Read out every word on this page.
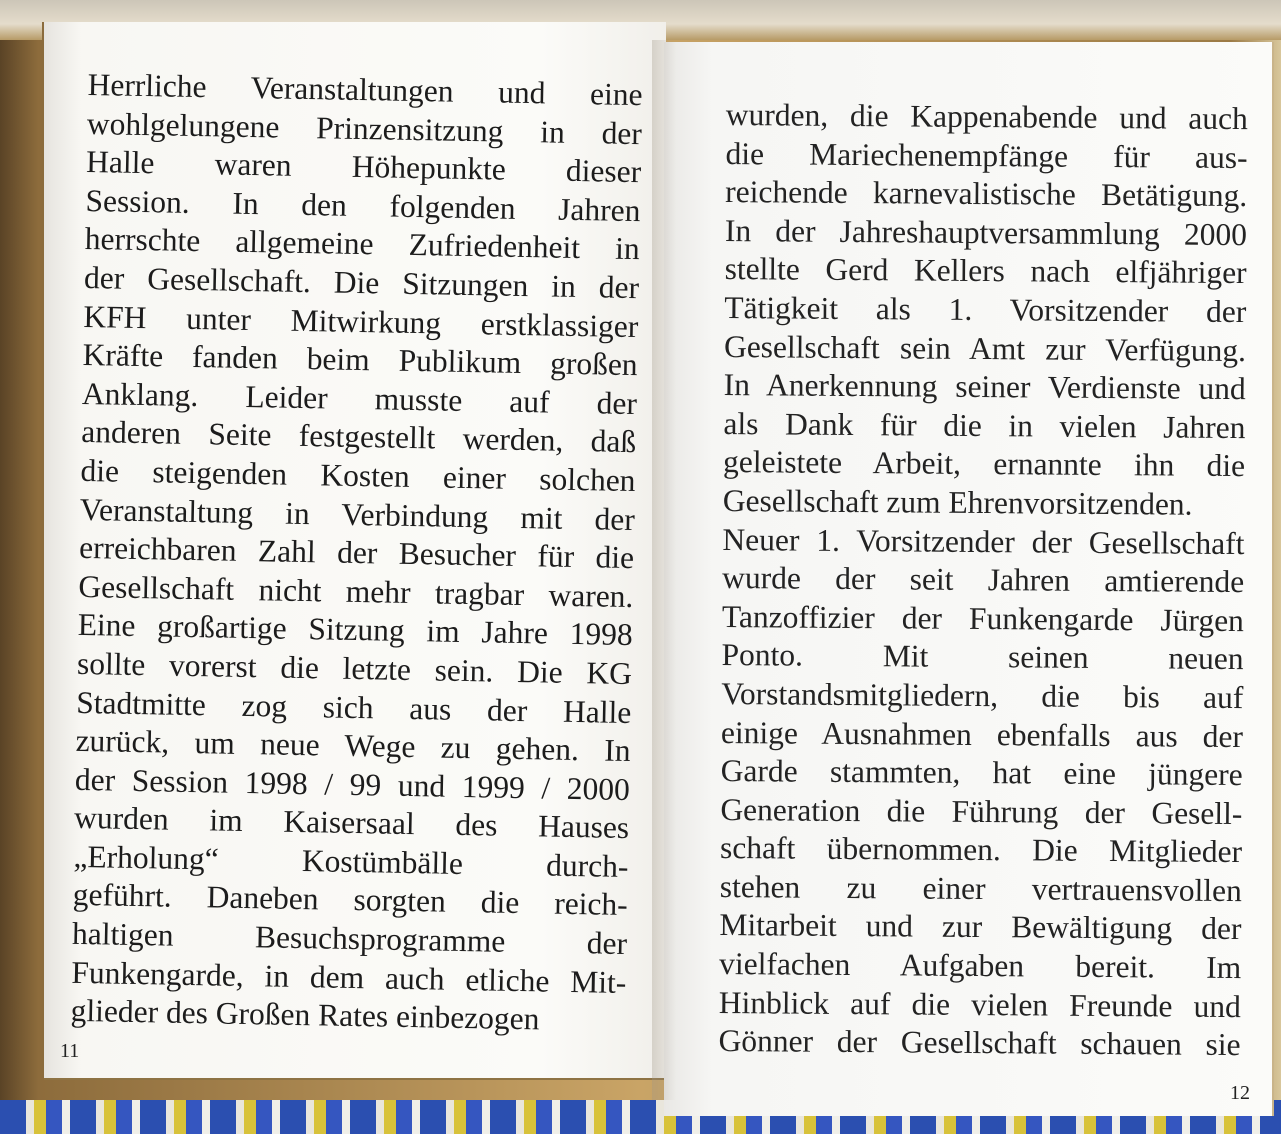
Herrliche Veranstaltungen und eine
wohlgelungene Prinzensitzung in der
Halle waren Höhepunkte dieser
Session. In den folgenden Jahren
herrschte allgemeine Zufriedenheit in
der Gesellschaft. Die Sitzungen in der
KFH unter Mitwirkung erstklassiger
Kräfte fanden beim Publikum großen
Anklang. Leider musste auf der
anderen Seite festgestellt werden, daß
die steigenden Kosten einer solchen
Veranstaltung in Verbindung mit der
erreichbaren Zahl der Besucher für die
Gesellschaft nicht mehr tragbar waren.
Eine großartige Sitzung im Jahre 1998
sollte vorerst die letzte sein. Die KG
Stadtmitte zog sich aus der Halle
zurück, um neue Wege zu gehen. In
der Session 1998 / 99 und 1999 / 2000
wurden im Kaisersaal des Hauses
„Erholung“ Kostümbälle durch-
geführt. Daneben sorgten die reich-
haltigen Besuchsprogramme der
Funkengarde, in dem auch etliche Mit-
glieder des Großen Rates einbezogen
wurden, die Kappenabende und auch
die Mariechenempfänge für aus-
reichende karnevalistische Betätigung.
In der Jahreshauptversammlung 2000
stellte Gerd Kellers nach elfjähriger
Tätigkeit als 1. Vorsitzender der
Gesellschaft sein Amt zur Verfügung.
In Anerkennung seiner Verdienste und
als Dank für die in vielen Jahren
geleistete Arbeit, ernannte ihn die
Gesellschaft zum Ehrenvorsitzenden.
Neuer 1. Vorsitzender der Gesellschaft
wurde der seit Jahren amtierende
Tanzoffizier der Funkengarde Jürgen
Ponto. Mit seinen neuen
Vorstandsmitgliedern, die bis auf
einige Ausnahmen ebenfalls aus der
Garde stammten, hat eine jüngere
Generation die Führung der Gesell-
schaft übernommen. Die Mitglieder
stehen zu einer vertrauensvollen
Mitarbeit und zur Bewältigung der
vielfachen Aufgaben bereit. Im
Hinblick auf die vielen Freunde und
Gönner der Gesellschaft schauen sie
11
12
